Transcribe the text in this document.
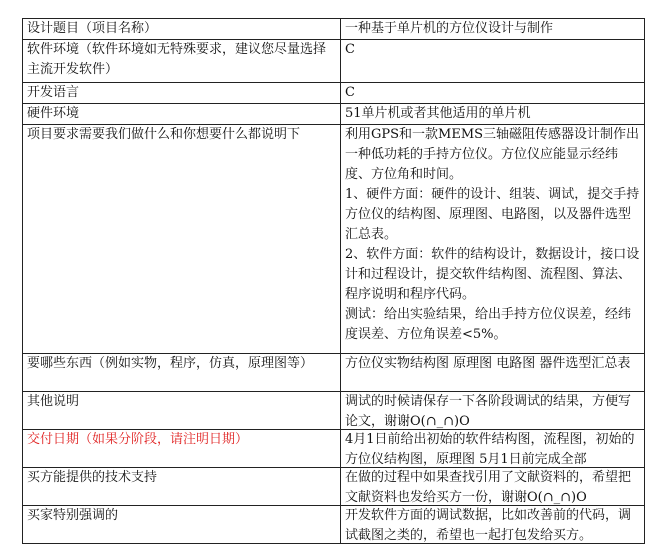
设计题目（项目名称）	一种基于单片机的方位仪设计与制作
软件环境（软件环境如无特殊要求，建议您尽量选择主流开发软件）	C
开发语言	C
硬件环境	51单片机或者其他适用的单片机
项目要求需要我们做什么和你想要什么都说明下	利用GPS和一款MEMS三轴磁阻传感器设计制作出一种低功耗的手持方位仪。方位仪应能显示经纬度、方位角和时间。
1、硬件方面：硬件的设计、组装、调试，提交手持方位仪的结构图、原理图、电路图，以及器件选型汇总表。
2、软件方面：软件的结构设计，数据设计，接口设计和过程设计，提交软件结构图、流程图、算法、程序说明和程序代码。
测试：给出实验结果，给出手持方位仪误差，经纬度误差、方位角误差<5%。

要哪些东西（例如实物，程序，仿真，原理图等）	方位仪实物结构图 原理图 电路图 器件选型汇总表

其他说明	调试的时候请保存一下各阶段调试的结果，方便写论文，谢谢O(∩_∩)O

交付日期（如果分阶段，请注明日期）	4月1日前给出初始的软件结构图，流程图，初始的方位仪结构图，原理图 5月1日前完成全部

买方能提供的技术支持	在做的过程中如果查找引用了文献资料的，希望把文献资料也发给买方一份，谢谢O(∩_∩)O

买家特别强调的	开发软件方面的调试数据，比如改善前的代码，调试截图之类的，希望也一起打包发给买方。
